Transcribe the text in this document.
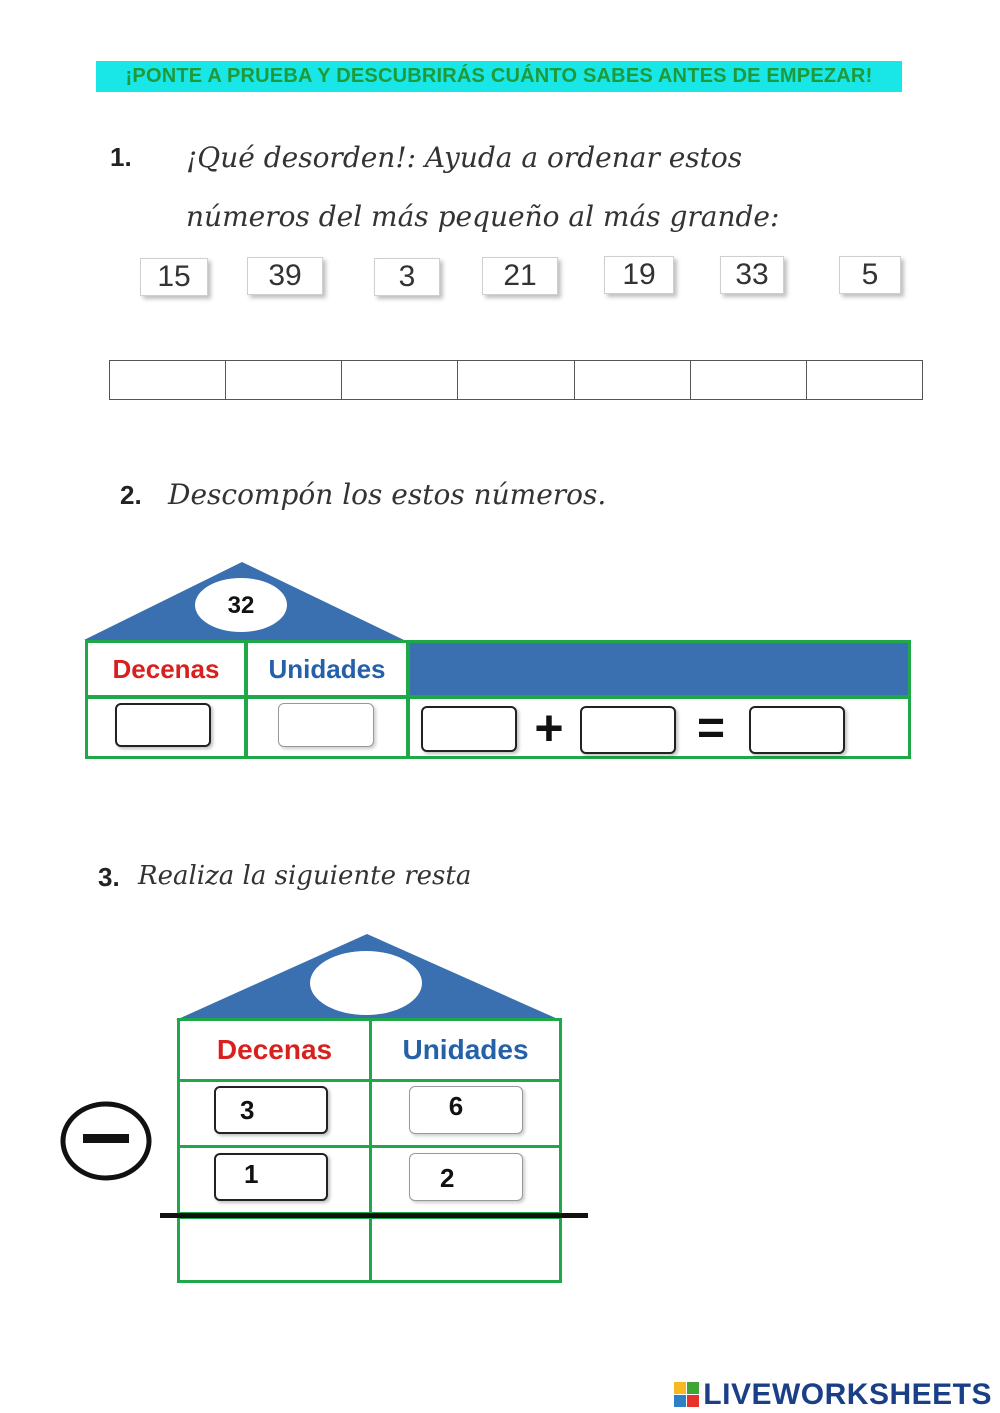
¡PONTE A PRUEBA Y DESCUBRIRÁS CUÁNTO SABES ANTES DE EMPEZAR!
1. ¡Qué desorden!: Ayuda a ordenar estos
números del más pequeño al más grande:
15	39	3	21	19	33	5
2. Descompón los estos números.
32
Decenas Unidades
+	=
3. Realiza la siguiente resta
Decenas	Unidades
3	6
1	2
LIVEWORKSHEETS
